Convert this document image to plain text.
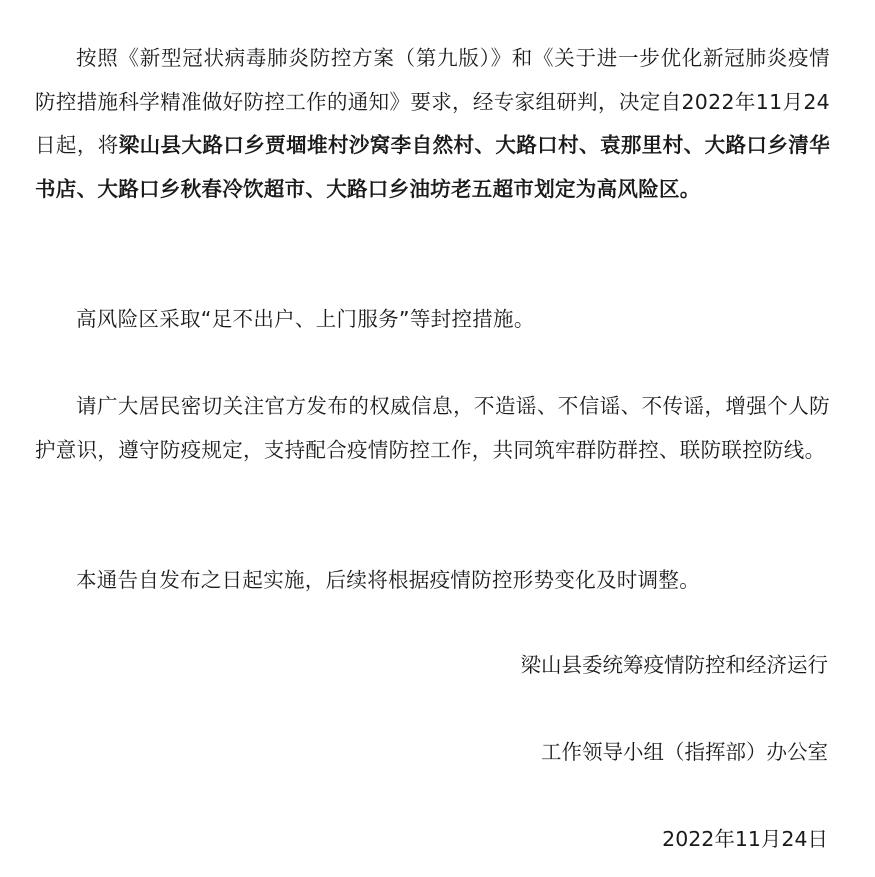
按照《新型冠状病毒肺炎防控方案（第九版）》和《关于进一步优化新冠肺炎疫情防控措施科学精准做好防控工作的通知》要求，经专家组研判，决定自2022年11月24日起，将梁山县大路口乡贾堌堆村沙窝李自然村、大路口村、袁那里村、大路口乡清华书店、大路口乡秋春冷饮超市、大路口乡油坊老五超市划定为高风险区。

高风险区采取“足不出户、上门服务”等封控措施。

请广大居民密切关注官方发布的权威信息，不造谣、不信谣、不传谣，增强个人防护意识，遵守防疫规定，支持配合疫情防控工作，共同筑牢群防群控、联防联控防线。

本通告自发布之日起实施，后续将根据疫情防控形势变化及时调整。

梁山县委统筹疫情防控和经济运行

工作领导小组（指挥部）办公室

2022年11月24日
